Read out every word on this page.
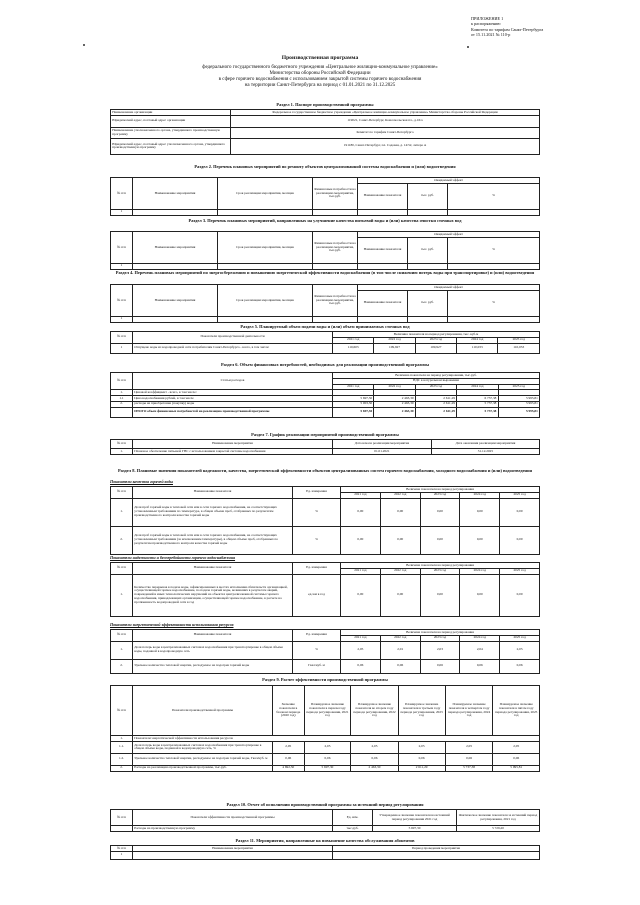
ПРИЛОЖЕНИЕ 1
к распоряжению
Комитета по тарифам Санкт-Петербурга
от 15.11.2021 № 110-р
Производственная программа
федерального государственного бюджетного учреждения «Центральное жилищно-коммунальное управление»
Министерства обороны Российской Федерации
в сфере горячего водоснабжения с использованием закрытой системы горячего водоснабжения
на территории Санкт-Петербурга на период с 01.01.2021 по 31.12.2025
Раздел 1. Паспорт производственной программы
Наименование организации	Федеральное государственное бюджетное учреждение «Центральное жилищно-коммунальное управление» Министерства обороны Российской Федерации
Юридический адрес, почтовый адрес организации	119021, Санкт-Петербург, Комсомольская пл., д.16/а
Наименование уполномоченного органа, утвердившего производственную программу	Комитет по тарифам Санкт-Петербурга
Юридический адрес, почтовый адрес уполномоченного органа, утвердившего производственную программу	191180, Санкт-Петербург, пл. Садовая, д. 14/52, литера А
Раздел 2. Перечень плановых мероприятий по ремонту объектов централизованной системы водоснабжения и (или) водоотведения
№ п/п	Наименование мероприятия	Срок реализации мероприятия, месяцев	Финансовые потребности на реализацию мероприятия, тыс.руб.	Ожидаемый эффект		
				Наименование показателя	тыс. руб.	%
1						
Раздел 3. Перечень плановых мероприятий, направленных на улучшение качества питьевой воды и (или) качества очистки сточных вод
№ п/п	Наименование мероприятия	Срок реализации мероприятия, месяцев	Финансовые потребности на реализацию мероприятия, тыс.руб.	Ожидаемый эффект		
				Наименование показателя	тыс. руб.	%
1						
Раздел 4. Перечень плановых мероприятий по энергосбережению и повышению энергетической эффективности водоснабжения (в том числе снижению потерь воды при транспортировке) и (или) водоотведения
№ п/п	Наименование мероприятия	Срок реализации мероприятия, месяцев	Финансовые потребности на реализацию мероприятия, тыс.руб.	Ожидаемый эффект		
				Наименование показателя	тыс. руб.	%
1						
Раздел 5. Планируемый объем подачи воды и (или) объем принимаемых сточных вод
№ п/п	Показатели производственной деятельности	Величина показателя на период регулирования, тыс. куб.м				
		2021 год	2022 год	2023 год	2024 год	2025 год
1	Отпущено воды из водопроводной сети потребителям Санкт-Петербурга - всего, в том числе:	110,603	109,927	109,927	110,033	110,033
Раздел 6. Объем финансовых потребностей, необходимых для реализации производственной программы
№ п/п	Статьи расходов	Величина показателя на период регулирования, тыс.руб.				
		НДС в натуральном выражении				
		2021 год	2022 год	2023 год	2024 год	2025 год
1.	Ценовой коэффициент - всего, в том числе:					
1.1	Цена водоснабжения рублей, в том числе	5 697,30	2 463,30	2 611,29	6 737,38	5 995,81
2.	расходы на приобретение (покупку) воды	5 003,30	2 463,30	2 611,29	5 737,38	5 995,81
	ИТОГО объем финансовых потребностей на реализацию производственной программы	5 697,30	2 463,30	2 611,29	5 737,38	5 995,81
Раздел 7. График реализации мероприятий производственной программы
№ п/п	Наименование мероприятия	Дата начала реализации мероприятия	Дата окончания реализации мероприятия
1.	Плановое обеспечение питьевой ГВС с использованием закрытой системы водоснабжения	01.01.2021	31.12.2025
Раздел 8. Плановые значения показателей надежности, качества, энергетической эффективности объектов централизованных систем горячего водоснабжения, холодного водоснабжения и (или) водоотведения
Показатели качества горячей воды
№ п/п	Наименование показателя	Ед. измерения	Величина показателя на период регулирования				
			2021 год	2022 год	2023 год	2024 год	2025 год
1.	Доля проб горячей воды в тепловой сети или в сети горячего водоснабжения, не соответствующих установленным требованиям по температуре, в общем объеме проб, отобранных по результатам производственного контроля качества горячей воды	%	0,00	0,00	0,00	0,00	0,00
2.	Доля проб горячей воды в тепловой сети или в сети горячего водоснабжения, не соответствующих установленным требованиям (за исключением температуры), в общем объеме проб, отобранных по результатам производственного контроля качества горячей воды	%	0,00	0,00	0,00	0,00	0,00
Показатели надежности и бесперебойности горячего водоснабжения
№ п/п	Наименование показателя	Ед. измерения	Величина показателя на период регулирования				
			2021 год	2022 год	2023 год	2024 год	2025 год
1.	Количество перерывов в подаче воды, зафиксированных в местах исполнения обязательств организацией, осуществляющей горячее водоснабжение, по подаче горячей воды, возникших в результате аварий, повреждений и иных технологических нарушений на объектах централизованной системы горячего водоснабжения, принадлежащих организации, осуществляющей горячее водоснабжение, в расчете на протяженность водопроводной сети в год	ед./км в год	0,00	0,00	0,00	0,00	0,00
Показатели энергетической эффективности использования ресурсов
№ п/п	Наименование показателя	Ед. измерения	Величина показателя на период регулирования				
			2021 год	2022 год	2023 год	2024 год	2025 год
1.	Доля потерь воды в централизованных системах водоснабжения при транспортировке в общем объеме воды, поданной в водопроводную сеть	%	2,05	2,01	2,03	2,04	2,05
2.	Удельное количество тепловой энергии, расходуемое на подогрев горячей воды	Гкал/куб. м	0,06	0,06	0,06	0,06	0,06
Раздел 9. Расчет эффективности производственной программы
№ п/п	Показатели производственной программы	Значение показателя в базовом периоде (2020 год)	Планируемое значение показателя в первом году периода регулирования, 2021 год	Планируемое значение показателя во втором году периода регулирования, 2022 год	Планируемое значение показателя в третьем году периода регулирования, 2023 год	Планируемое значение показателя в четвертом году периода регулирования, 2024 год	Планируемое значение показателя в пятом году периода регулирования, 2025 год
1.	Показатели энергетической эффективности использования ресурсов						
1.1.	Доля потерь воды в централизованных системах водоснабжения при транспортировке в общем объеме воды, поданной в водопроводную сеть, %	2,05	2,05	2,05	2,05	2,05	2,05
1.2.	Удельное количество тепловой энергии, расходуемое на подогрев горячей воды, Гкал/куб. м	0,06	0,06	0,06	0,06	0,06	0,06
2.	Расходы на реализацию производственной программы, тыс.руб.	4 692,30	5 697,30	2 463,30	2 611,29	5 737,38	5 995,81
Раздел 10. Отчет об исполнении производственной программы за истекший период регулирования
№ п/п	Показатели эффективности производственной программы	Ед. изм.	Утвержденное значение показателя на истекший период регулирования 2021 год	Фактическое значение показателя за истекший период регулирования, 2021 год
	Расходы на производственную программу	тыс.руб.	5 697,30	5 729,20
Раздел 11. Мероприятия, направленные на повышение качества обслуживания абонентов
№ п/п	Наименование мероприятия	Период проведения мероприятия
1		
